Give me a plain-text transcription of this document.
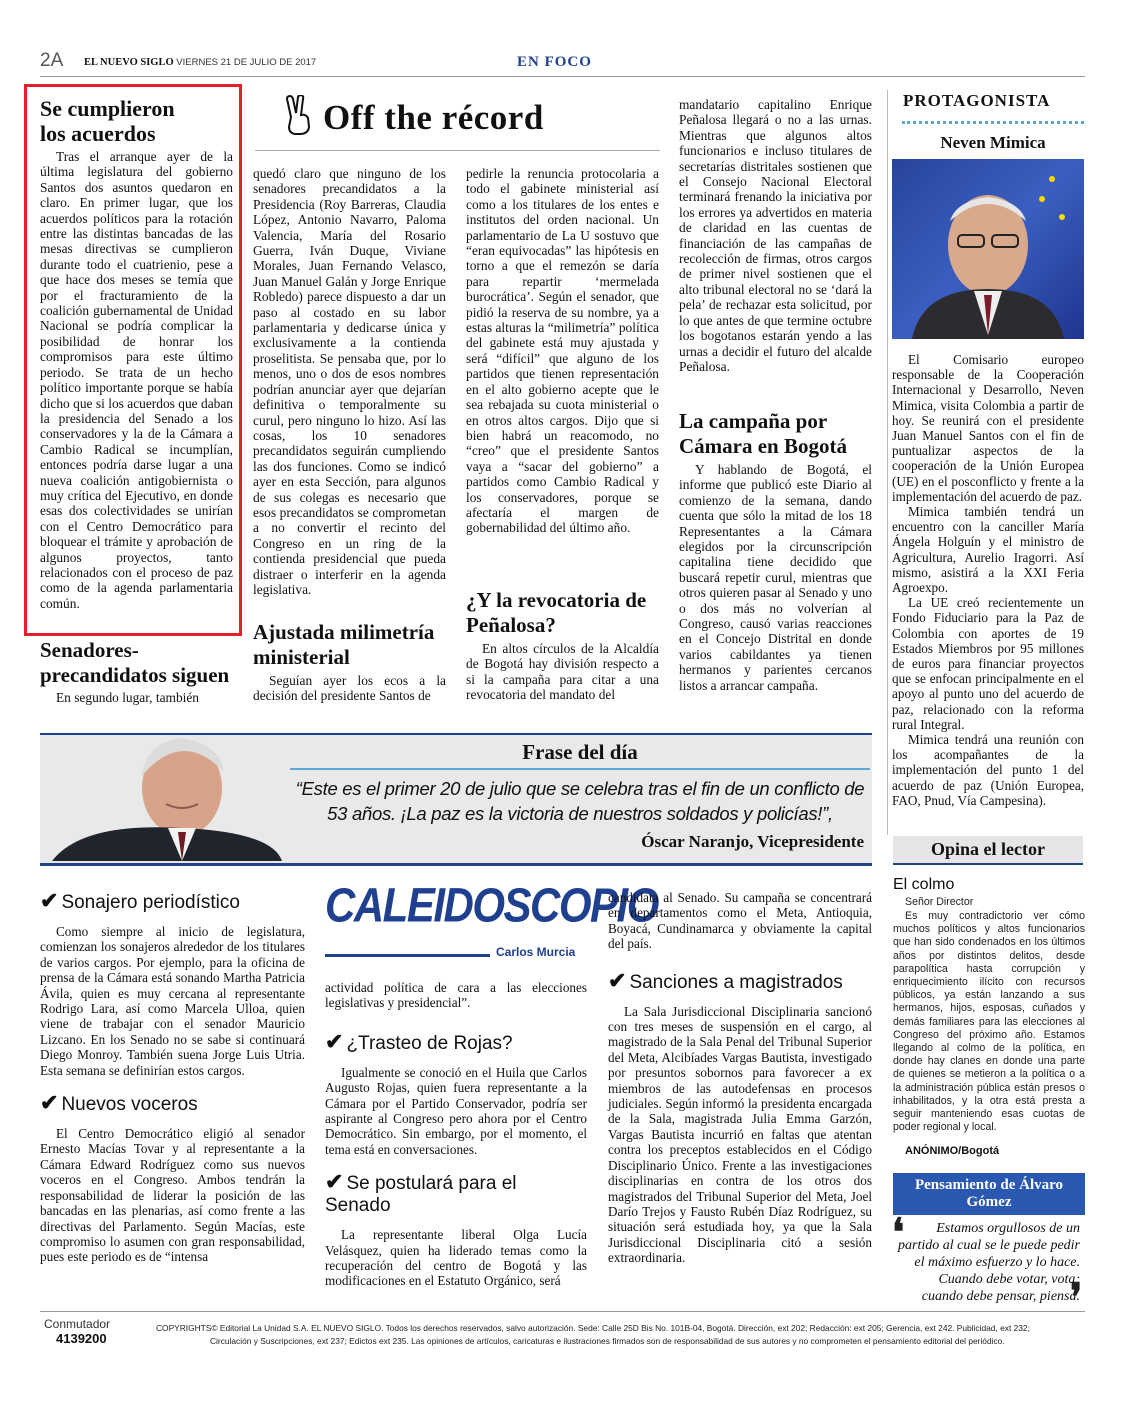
2A EL NUEVO SIGLO VIERNES 21 DE JULIO DE 2017	EN FOCO
Se cumplieron los acuerdos

Tras el arranque ayer de la última legislatura del gobierno Santos dos asuntos quedaron en claro. En primer lugar, que los acuerdos políticos para la rotación entre las distintas bancadas de las mesas directivas se cumplieron durante todo el cuatrienio, pese a que hace dos meses se temía que por el fracturamiento de la coalición gubernamental de Unidad Nacional se podría complicar la posibilidad de honrar los compromisos para este último periodo. Se trata de un hecho político importante porque se había dicho que si los acuerdos que daban la presidencia del Senado a los conservadores y la de la Cámara a Cambio Radical se incumplían, entonces podría darse lugar a una nueva coalición antigobiernista o muy crítica del Ejecutivo, en donde esas dos colectividades se unirían con el Centro Democrático para bloquear el trámite y aprobación de algunos proyectos, tanto relacionados con el proceso de paz como de la agenda parlamentaria común.

Senadores-precandidatos siguen

En segundo lugar, también

Off the récord
quedó claro que ninguno de los senadores precandidatos a la Presidencia (Roy Barreras, Claudia López, Antonio Navarro, Paloma Valencia, María del Rosario Guerra, Iván Duque, Viviane Morales, Juan Fernando Velasco, Juan Manuel Galán y Jorge Enrique Robledo) parece dispuesto a dar un paso al costado en su labor parlamentaria y dedicarse única y exclusivamente a la contienda proselitista. Se pensaba que, por lo menos, uno o dos de esos nombres podrían anunciar ayer que dejarían definitiva o temporalmente su curul, pero ninguno lo hizo. Así las cosas, los 10 senadores precandidatos seguirán cumpliendo las dos funciones. Como se indicó ayer en esta Sección, para algunos de sus colegas es necesario que esos precandidatos se comprometan a no convertir el recinto del Congreso en un ring de la contienda presidencial que pueda distraer o interferir en la agenda legislativa.
Ajustada milimetría ministerial

Seguían ayer los ecos a la decisión del presidente Santos de

pedirle la renuncia protocolaria a todo el gabinete ministerial así como a los titulares de los entes e institutos del orden nacional. Un parlamentario de La U sostuvo que “eran equivocadas” las hipótesis en torno a que el remezón se daría para repartir ‘mermelada burocrática’. Según el senador, que pidió la reserva de su nombre, ya a estas alturas la “milimetría” política del gabinete está muy ajustada y será “difícil” que alguno de los partidos que tienen representación en el alto gobierno acepte que le sea rebajada su cuota ministerial o en otros altos cargos. Dijo que si bien habrá un reacomodo, no “creo” que el presidente Santos vaya a “sacar del gobierno” a partidos como Cambio Radical y los conservadores, porque se afectaría el margen de gobernabilidad del último año.
¿Y la revocatoria de Peñalosa?

En altos círculos de la Alcaldía de Bogotá hay división respecto a si la campaña para citar a una revocatoria del mandato del

mandatario capitalino Enrique Peñalosa llegará o no a las urnas. Mientras que algunos altos funcionarios e incluso titulares de secretarías distritales sostienen que el Consejo Nacional Electoral terminará frenando la iniciativa por los errores ya advertidos en materia de claridad en las cuentas de financiación de las campañas de recolección de firmas, otros cargos de primer nivel sostienen que el alto tribunal electoral no se ‘dará la pela’ de rechazar esta solicitud, por lo que antes de que termine octubre los bogotanos estarán yendo a las urnas a decidir el futuro del alcalde Peñalosa.
La campaña por Cámara en Bogotá

Y hablando de Bogotá, el informe que publicó este Diario al comienzo de la semana, dando cuenta que sólo la mitad de los 18 Representantes a la Cámara elegidos por la circunscripción capitalina tiene decidido que buscará repetir curul, mientras que otros quieren pasar al Senado y uno o dos más no volverían al Congreso, causó varias reacciones en el Concejo Distrital en donde varios cabildantes ya tienen hermanos y parientes cercanos listos a arrancar campaña.

PROTAGONISTA
Neven Mimica

El Comisario europeo responsable de la Cooperación Internacional y Desarrollo, Neven Mimica, visita Colombia a partir de hoy. Se reunirá con el presidente Juan Manuel Santos con el fin de puntualizar aspectos de la cooperación de la Unión Europea (UE) en el posconflicto y frente a la implementación del acuerdo de paz.

Mimica también tendrá un encuentro con la canciller María Ángela Holguín y el ministro de Agricultura, Aurelio Iragorri. Así mismo, asistirá a la XXI Feria Agroexpo.

La UE creó recientemente un Fondo Fiduciario para la Paz de Colombia con aportes de 19 Estados Miembros por 95 millones de euros para financiar proyectos que se enfocan principalmente en el apoyo al punto uno del acuerdo de paz, relacionado con la reforma rural Integral.

Mimica tendrá una reunión con los acompañantes de la implementación del punto 1 del acuerdo de paz (Unión Europea, FAO, Pnud, Vía Campesina).

Frase del día
“Este es el primer 20 de julio que se celebra tras el fin de un conflicto de 53 años. ¡La paz es la victoria de nuestros soldados y policías!”,
Óscar Naranjo, Vicepresidente	Opina el lector
El colmo
Señor Director
Es muy contradictorio ver cómo muchos políticos y altos funcionarios que han sido condenados en los últimos años por distintos delitos, desde parapolítica hasta corrupción y enriquecimiento ilícito con recursos públicos, ya están lanzando a sus hermanos, hijos, esposas, cuñados y demás familiares para las elecciones al Congreso del próximo año. Estamos llegando al colmo de la política, en donde hay clanes en donde una parte de quienes se metieron a la política o a la administración pública están presos o inhabilitados, y la otra está presta a seguir manteniendo esas cuotas de poder regional y local.
ANÓNIMO/Bogotá
Pensamiento de Álvaro Gómez
❛	Estamos orgullosos de un partido al cual se le puede pedir el máximo esfuerzo y lo hace. Cuando debe votar, vota; cuando debe pensar, piensa.
❜
✔ Sonajero periodístico

Como siempre al inicio de legislatura, comienzan los sonajeros alrededor de los titulares de varios cargos. Por ejemplo, para la oficina de prensa de la Cámara está sonando Martha Patricia Ávila, quien es muy cercana al representante Rodrigo Lara, así como Marcela Ulloa, quien viene de trabajar con el senador Mauricio Lizcano. En los Senado no se sabe si continuará Diego Monroy. También suena Jorge Luis Utria. Esta semana se definirían estos cargos.

✔ Nuevos voceros

El Centro Democrático eligió al senador Ernesto Macías Tovar y al representante a la Cámara Edward Rodríguez como sus nuevos voceros en el Congreso. Ambos tendrán la responsabilidad de liderar la posición de las bancadas en las plenarias, así como frente a las directivas del Parlamento. Según Macías, este compromiso lo asumen con gran responsabilidad, pues este periodo es de “intensa

CALEIDOSCOPIO
Carlos Murcia
actividad política de cara a las elecciones legislativas y presidencial”.
✔ ¿Trasteo de Rojas?

Igualmente se conoció en el Huila que Carlos Augusto Rojas, quien fuera representante a la Cámara por el Partido Conservador, podría ser aspirante al Congreso pero ahora por el Centro Democrático. Sin embargo, por el momento, el tema está en conversaciones.

✔ Se postulará para el Senado

La representante liberal Olga Lucía Velásquez, quien ha liderado temas como la recuperación del centro de Bogotá y las modificaciones en el Estatuto Orgánico, será

candidata al Senado. Su campaña se concentrará en departamentos como el Meta, Antioquia, Boyacá, Cundinamarca y obviamente la capital del país.
✔ Sanciones a magistrados

La Sala Jurisdiccional Disciplinaria sancionó con tres meses de suspensión en el cargo, al magistrado de la Sala Penal del Tribunal Superior del Meta, Alcibíades Vargas Bautista, investigado por presuntos sobornos para favorecer a ex miembros de las autodefensas en procesos judiciales. Según informó la presidenta encargada de la Sala, magistrada Julia Emma Garzón, Vargas Bautista incurrió en faltas que atentan contra los preceptos establecidos en el Código Disciplinario Único. Frente a las investigaciones disciplinarias en contra de los otros dos magistrados del Tribunal Superior del Meta, Joel Darío Trejos y Fausto Rubén Díaz Rodríguez, su situación será estudiada hoy, ya que la Sala Jurisdiccional Disciplinaria citó a sesión extraordinaria.

Conmutador
4139200
COPYRIGHTS© Editorial La Unidad S.A. EL NUEVO SIGLO. Todos los derechos reservados, salvo autorización. Sede: Calle 25D Bis No. 101B-04, Bogotá. Dirección, ext 202; Redacción: ext 205; Gerencia, ext 242. Publicidad, ext 232;
Circulación y Suscripciones, ext 237; Edictos ext 235. Las opiniones de artículos, caricaturas e ilustraciones firmados son de responsabilidad de sus autores y no comprometen el pensamiento editorial del periódico.
